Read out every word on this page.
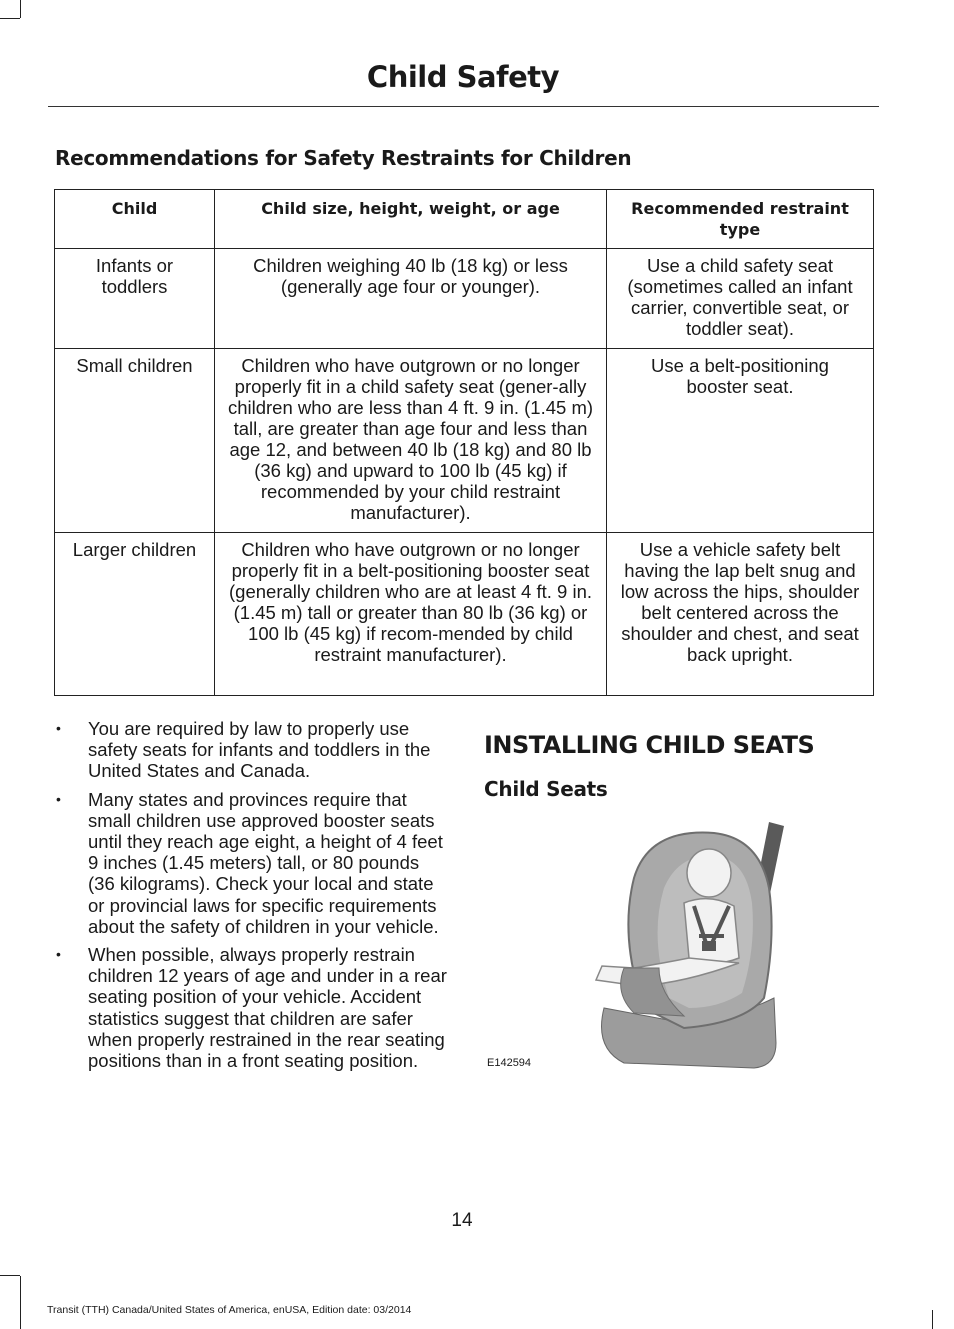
Child Safety
Recommendations for Safety Restraints for Children
Child	Child size, height, weight, or age	Recommended restraint type
Infants or toddlers	Children weighing 40 lb (18 kg) or less (generally age four or younger).	Use a child safety seat (sometimes called an infant carrier, convertible seat, or toddler seat).
Small children	Children who have outgrown or no longer properly fit in a child safety seat (gener-ally children who are less than 4 ft. 9 in. (1.45 m) tall, are greater than age four and less than age 12, and between 40 lb (18 kg) and 80 lb (36 kg) and upward to 100 lb (45 kg) if recommended by your child restraint manufacturer).	Use a belt-positioning booster seat.
Larger children	Children who have outgrown or no longer properly fit in a belt-positioning booster seat (generally children who are at least 4 ft. 9 in. (1.45 m) tall or greater than 80 lb (36 kg) or 100 lb (45 kg) if recom-mended by child restraint manufacturer).	Use a vehicle safety belt having the lap belt snug and low across the hips, shoulder belt centered across the shoulder and chest, and seat back upright.
• You are required by law to properly use safety seats for infants and toddlers in the United States and Canada.
• Many states and provinces require that small children use approved booster seats until they reach age eight, a height of 4 feet 9 inches (1.45 meters) tall, or 80 pounds (36 kilograms). Check your local and state or provincial laws for specific requirements about the safety of children in your vehicle.
• When possible, always properly restrain children 12 years of age and under in a rear seating position of your vehicle. Accident statistics suggest that children are safer when properly restrained in the rear seating positions than in a front seating position.
INSTALLING CHILD SEATS
Child Seats
E142594
14
Transit (TTH) Canada/United States of America, enUSA, Edition date: 03/2014
